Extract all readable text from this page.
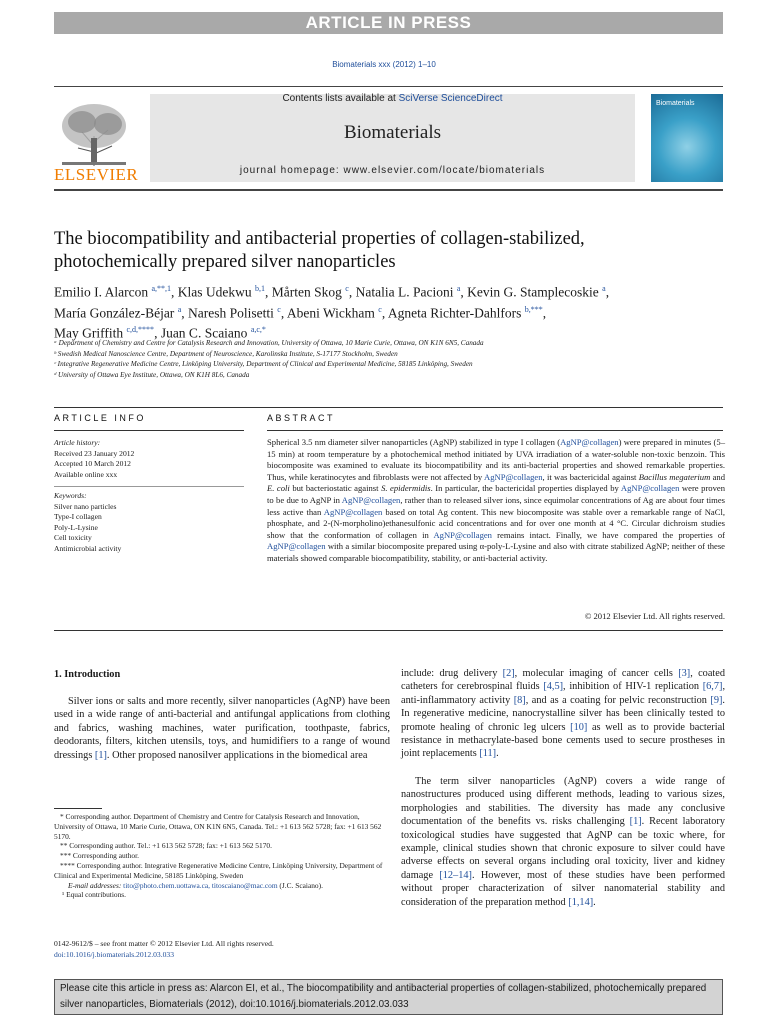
ARTICLE IN PRESS
Biomaterials xxx (2012) 1–10
ELSEVIER
Contents lists available at SciVerse ScienceDirect
Biomaterials
journal homepage: www.elsevier.com/locate/biomaterials
Biomaterials
The biocompatibility and antibacterial properties of collagen-stabilized,
photochemically prepared silver nanoparticles
Emilio I. Alarcon $^{a,**,1}$, Klas Udekwu $^{b,1}$, Mårten Skog $^c$, Natalia L. Pacioni $^a$, Kevin G. Stamplecoskie $^a$,
María González-Béjar $^a$, Naresh Polisetti $^c$, Abeni Wickham $^c$, Agneta Richter-Dahlfors $^{b,***}$,
May Griffith $^{c,d,****}$, Juan C. Scaiano $^{a,c,*}$
ᵃ Department of Chemistry and Centre for Catalysis Research and Innovation, University of Ottawa, 10 Marie Curie, Ottawa, ON K1N 6N5, Canada
ᵇ Swedish Medical Nanoscience Centre, Department of Neuroscience, Karolinska Institute, S-17177 Stockholm, Sweden
ᶜ Integrative Regenerative Medicine Centre, Linköping University, Department of Clinical and Experimental Medicine, 58185 Linköping, Sweden
ᵈ University of Ottawa Eye Institute, Ottawa, ON K1H 8L6, Canada
ARTICLE INFO	ABSTRACT
Article history:
Received 23 January 2012
Accepted 10 March 2012
Available online xxx
Keywords:
Silver nano particles
Type-I collagen
Poly-L-Lysine
Cell toxicity
Antimicrobial activity
Spherical 3.5 nm diameter silver nanoparticles (AgNP) stabilized in type I collagen (AgNP@collagen) were prepared in minutes (5–15 min) at room temperature by a photochemical method initiated by UVA irradiation of a water-soluble non-toxic benzoin. This biocomposite was examined to evaluate its biocompatibility and its anti-bacterial properties and showed remarkable properties. Thus, while keratinocytes and fibroblasts were not affected by AgNP@collagen, it was bactericidal against Bacillus megaterium and E. coli but bacteriostatic against S. epidermidis. In particular, the bactericidal properties displayed by AgNP@collagen were proven to be due to AgNP in AgNP@collagen, rather than to released silver ions, since equimolar concentrations of Ag are about four times less active than AgNP@collagen based on total Ag content. This new biocomposite was stable over a remarkable range of NaCl, phosphate, and 2-(N-morpholino)ethanesulfonic acid concentrations and for over one month at 4 °C. Circular dichroism studies show that the conformation of collagen in AgNP@collagen remains intact. Finally, we have compared the properties of AgNP@collagen with a similar biocomposite prepared using α-poly-L-Lysine and also with citrate stabilized AgNP; neither of these materials showed comparable biocompatibility, stability, or anti-bacterial activity.
© 2012 Elsevier Ltd. All rights reserved.
1. Introduction
Silver ions or salts and more recently, silver nanoparticles (AgNP) have been used in a wide range of anti-bacterial and antifungal applications from clothing and fabrics, washing machines, water purification, toothpaste, fabrics, deodorants, filters, kitchen utensils, toys, and humidifiers to a range of wound dressings [1]. Other proposed nanosilver applications in the biomedical area
* Corresponding author. Department of Chemistry and Centre for Catalysis Research and Innovation, University of Ottawa, 10 Marie Curie, Ottawa, ON K1N 6N5, Canada. Tel.: +1 613 562 5728; fax: +1 613 562 5170.
** Corresponding author. Tel.: +1 613 562 5728; fax: +1 613 562 5170.
*** Corresponding author.
**** Corresponding author. Integrative Regenerative Medicine Centre, Linköping University, Department of Clinical and Experimental Medicine, 58185 Linköping, Sweden
E-mail addresses: tito@photo.chem.uottawa.ca, titoscaiano@mac.com (J.C. Scaiano).
¹ Equal contributions.
0142-9612/$ – see front matter © 2012 Elsevier Ltd. All rights reserved.
doi:10.1016/j.biomaterials.2012.03.033
include: drug delivery [2], molecular imaging of cancer cells [3], coated catheters for cerebrospinal fluids [4,5], inhibition of HIV-1 replication [6,7], anti-inflammatory activity [8], and as a coating for pelvic reconstruction [9]. In regenerative medicine, nanocrystalline silver has been clinically tested to promote healing of chronic leg ulcers [10] as well as to provide bacterial resistance in methacrylate-based bone cements used to secure prostheses in joint replacements [11].
The term silver nanoparticles (AgNP) covers a wide range of nanostructures produced using different methods, leading to various sizes, morphologies and stabilities. The diversity has made any conclusive documentation of the benefits vs. risks challenging [1]. Recent laboratory toxicological studies have suggested that AgNP can be toxic where, for example, clinical studies shown that chronic exposure to silver could have adverse effects on several organs including oral toxicity, liver and kidney damage [12–14]. However, most of these studies have been performed without proper characterization of silver nanomaterial stability and consideration of the preparation method [1,14].
Please cite this article in press as: Alarcon EI, et al., The biocompatibility and antibacterial properties of collagen-stabilized, photochemically prepared silver nanoparticles, Biomaterials (2012), doi:10.1016/j.biomaterials.2012.03.033
